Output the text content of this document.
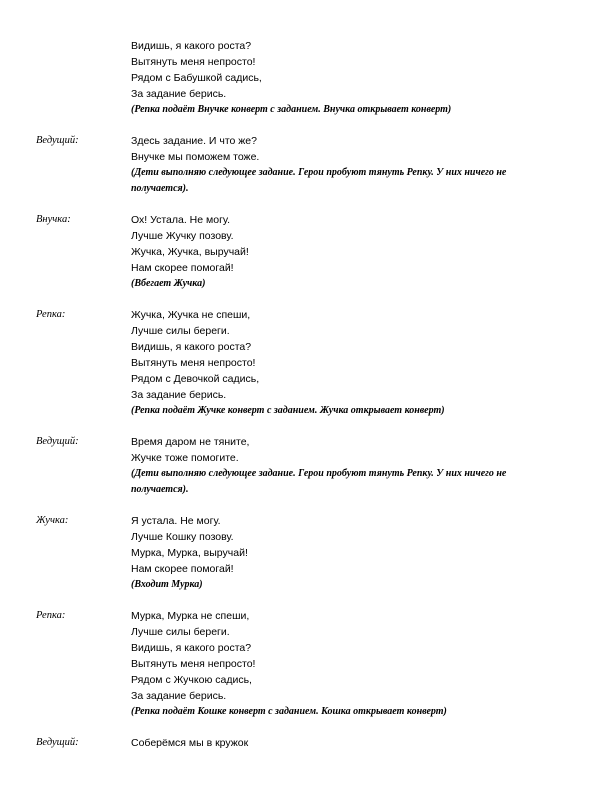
Видишь, я какого роста?
Вытянуть меня непросто!
Рядом с Бабушкой садись,
За задание берись.
(Репка подаёт Внучке конверт с заданием. Внучка открывает конверт)
Ведущий:	Здесь задание. И что же?
Внучке мы поможем тоже.
(Дети выполняю следующее задание. Герои пробуют тянуть Репку. У них ничего не получается).
Внучка:	Ох! Устала. Не могу.
Лучше Жучку позову.
Жучка, Жучка, выручай!
Нам скорее помогай!
(Вбегает Жучка)
Репка:	Жучка, Жучка не спеши,
Лучше силы береги.
Видишь, я какого роста?
Вытянуть меня непросто!
Рядом с Девочкой садись,
За задание берись.
(Репка подаёт Жучке конверт с заданием. Жучка открывает конверт)
Ведущий:	Время даром не тяните,
Жучке тоже помогите.
(Дети выполняю следующее задание. Герои пробуют тянуть Репку. У них ничего не получается).
Жучка:	Я устала. Не могу.
Лучше Кошку позову.
Мурка, Мурка, выручай!
Нам скорее помогай!
(Входит Мурка)
Репка:	Мурка, Мурка не спеши,
Лучше силы береги.
Видишь, я какого роста?
Вытянуть меня непросто!
Рядом с Жучкою садись,
За задание берись.
(Репка подаёт Кошке конверт с заданием. Кошка открывает конверт)
Ведущий:	Соберёмся мы в кружок
